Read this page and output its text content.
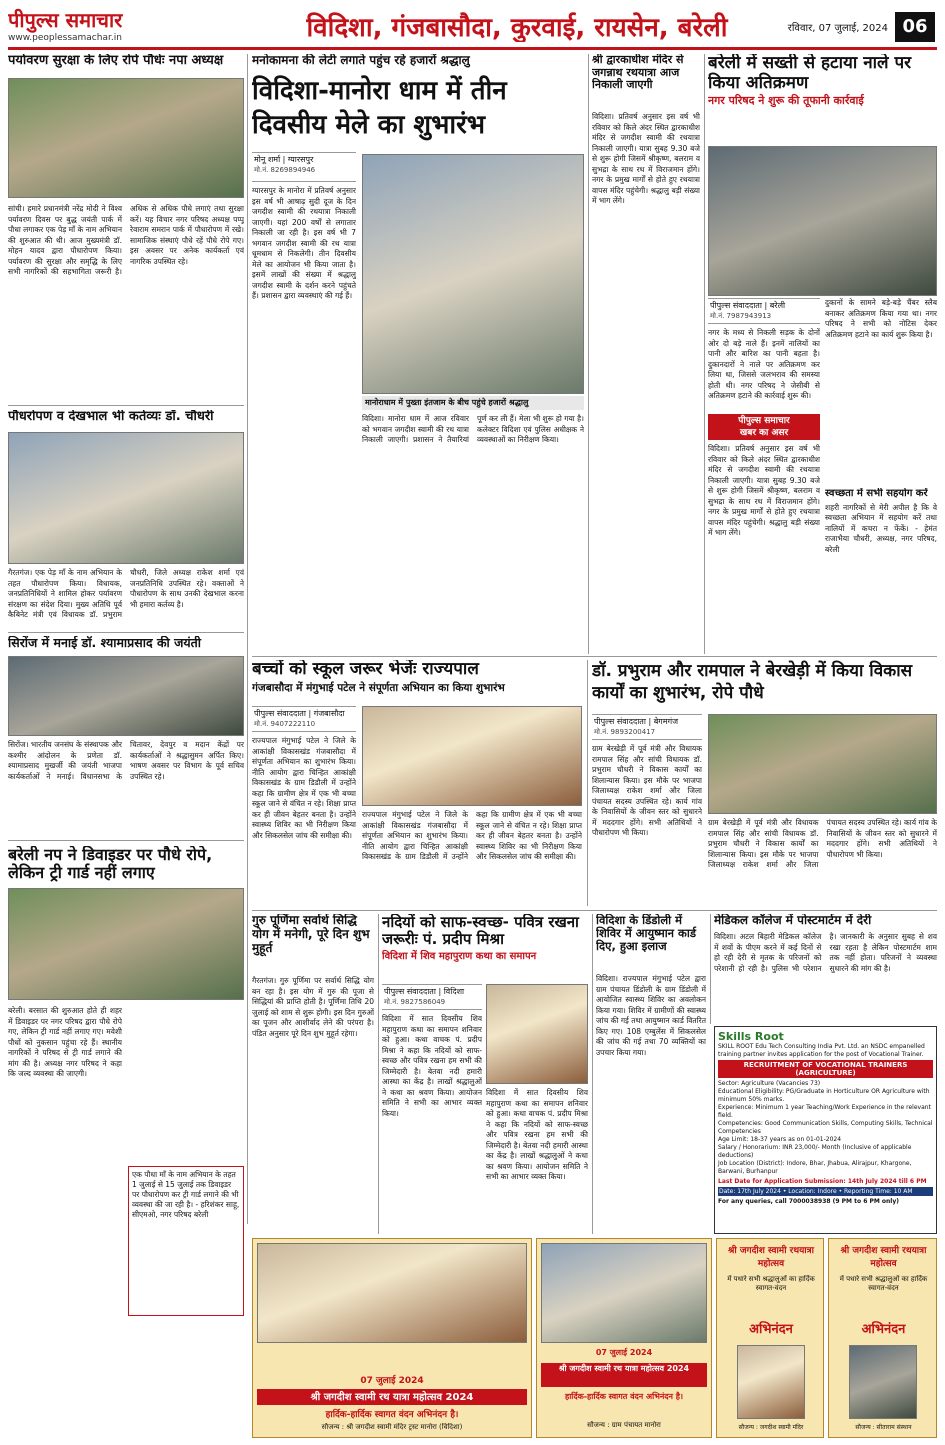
पीपुल्स समाचार
www.peoplessamachar.in	विदिशा, गंजबासौदा, कुरवाई, रायसेन, बरेली	रविवार, 07 जुलाई, 2024 06
पर्यावरण सुरक्षा के लिए रोपे पौधेः नपा अध्यक्ष
सांची। हमारे प्रधानमंत्री नरेंद्र मोदी ने विश्व पर्यावरण दिवस पर बुद्ध जयंती पार्क में पौधा लगाकर एक पेड़ माँ के नाम अभियान की शुरुआत की थी। आज मुख्यमंत्री डॉ. मोहन यादव द्वारा पौधारोपण किया। पर्यावरण की सुरक्षा और समृद्धि के लिए सभी नागरिकों की सहभागिता जरूरी है। अधिक से अधिक पौधे लगाएं तथा सुरक्षा करें। यह विचार नगर परिषद अध्यक्ष पप्पू रेवाराम समरान पार्क में पौधारोपण में रखे। सामाजिक संस्थाएं पौधे रहें पौधे रोपे गए। इस अवसर पर अनेक कार्यकर्ता एवं नागरिक उपस्थित रहे।
पौधरोपण व देखभाल भी कर्तव्यः डॉ. चौधरी
गैरतगंज। एक पेड़ माँ के नाम अभियान के तहत पौधारोपण किया। विधायक, जनप्रतिनिधियों ने शामिल होकर पर्यावरण संरक्षण का संदेश दिया। मुख्य अतिथि पूर्व कैबिनेट मंत्री एवं विधायक डॉ. प्रभुराम चौधरी, जिले अध्यक्ष राकेश शर्मा एवं जनप्रतिनिधि उपस्थित रहे। वक्ताओं ने पौधारोपण के साथ उनकी देखभाल करना भी हमारा कर्तव्य है।
सिरोंज में मनाई डॉ. श्यामाप्रसाद की जयंती
सिरोंज। भारतीय जनसंघ के संस्थापक और कश्मीर आंदोलन के प्रणेता डॉ. श्यामाप्रसाद मुखर्जी की जयंती भाजपा कार्यकर्ताओं ने मनाई। विधानसभा के चितावर, देवपुर व मदान केंद्रों पर कार्यकर्ताओं ने श्रद्धासुमन अर्पित किए। भाषण अवसर पर विभाग के पूर्व सचिव उपस्थित रहे।
बरेली नप ने डिवाइडर पर पौधे रोपे, लेकिन ट्री गार्ड नहीं लगाए
बरेली। बरसात की शुरुआत होते ही शहर में डिवाइडर पर नगर परिषद द्वारा पौधे रोपे गए, लेकिन ट्री गार्ड नहीं लगाए गए। मवेशी पौधों को नुकसान पहुंचा रहे हैं। स्थानीय नागरिकों ने परिषद से ट्री गार्ड लगाने की मांग की है। अध्यक्ष नगर परिषद ने कहा कि जल्द व्यवस्था की जाएगी।
एक पौधा माँ के नाम अभियान के तहत 1 जुलाई से 15 जुलाई तक डिवाइडर पर पौधारोपण कर ट्री गार्ड लगाने की भी व्यवस्था की जा रही है। - हरिशंकर साहू, सीएमओ, नगर परिषद बरेली
मनोकामना की लेटी लगाते पहुंच रहे हजारों श्रद्धालु
विदिशा-मानोरा धाम में तीन दिवसीय मेले का शुभारंभ
मोनू शर्मा | ग्यारसपुर
मो.नं. 8269894946
ग्यारसपुर के मानोरा में प्रतिवर्ष अनुसार इस वर्ष भी आषाढ़ सुदी दूज के दिन जगदीश स्वामी की रथयात्रा निकाली जाएगी। यहां 200 वर्षों से लगातार निकाली जा रही है। इस वर्ष भी 7 भगवान जगदीश स्वामी की रथ यात्रा धूमधाम से निकलेगी। तीन दिवसीय मेले का आयोजन भी किया जाता है। इसमें लाखों की संख्या में श्रद्धालु जगदीश स्वामी के दर्शन करने पहुंचते हैं। प्रशासन द्वारा व्यवस्थाएं की गई हैं।
मानोराधाम में पुख्ता इंतजाम के बीच पहुंचे हजारों श्रद्धालु
विदिशा। मानोरा धाम में आज रविवार को भगवान जगदीश स्वामी की रथ यात्रा निकाली जाएगी। प्रशासन ने तैयारियां पूर्ण कर ली हैं। मेला भी शुरू हो गया है। कलेक्टर विदिशा एवं पुलिस अधीक्षक ने व्यवस्थाओं का निरीक्षण किया।
श्री द्वारकाधीश मंदिर से जगन्नाथ रथयात्रा आज निकाली जाएगी
विदिशा। प्रतिवर्ष अनुसार इस वर्ष भी रविवार को किले अंदर स्थित द्वारकाधीश मंदिर से जगदीश स्वामी की रथयात्रा निकाली जाएगी। यात्रा सुबह 9.30 बजे से शुरू होगी जिसमें श्रीकृष्ण, बलराम व सुभद्रा के साथ रथ में विराजमान होंगे। नगर के प्रमुख मार्गों से होते हुए रथयात्रा वापस मंदिर पहुंचेगी। श्रद्धालु बड़ी संख्या में भाग लेंगे।
बरेली में सख्ती से हटाया नाले पर किया अतिक्रमण
नगर परिषद ने शुरू की तूफानी कार्रवाई
पीपुल्स संवाददाता | बरेली
मो.नं. 7987943913
नगर के मध्य से निकली सड़क के दोनों ओर दो बड़े नाले हैं। इनमें नालियों का पानी और बारिश का पानी बहता है। दुकानदारों ने नाले पर अतिक्रमण कर लिया था, जिससे जलभराव की समस्या होती थी। नगर परिषद ने जेसीबी से अतिक्रमण हटाने की कार्रवाई शुरू की।
पीपुल्स समाचार
खबर का असर
विदिशा। प्रतिवर्ष अनुसार इस वर्ष भी रविवार को किले अंदर स्थित द्वारकाधीश मंदिर से जगदीश स्वामी की रथयात्रा निकाली जाएगी। यात्रा सुबह 9.30 बजे से शुरू होगी जिसमें श्रीकृष्ण, बलराम व सुभद्रा के साथ रथ में विराजमान होंगे। नगर के प्रमुख मार्गों से होते हुए रथयात्रा वापस मंदिर पहुंचेगी। श्रद्धालु बड़ी संख्या में भाग लेंगे।
दुकानों के सामने बड़े-बड़े चैंबर स्लैब बनाकर अतिक्रमण किया गया था। नगर परिषद ने सभी को नोटिस देकर अतिक्रमण हटाने का कार्य शुरू किया है।
स्वच्छता में सभी सहयोग करें
शहरी नागरिकों से मेरी अपील है कि वे स्वच्छता अभियान में सहयोग करें तथा नालियों में कचरा न फेंकें। - हेमंत राजाभैया चौधरी, अध्यक्ष, नगर परिषद, बरेली
बच्चों को स्कूल जरूर भेजेंः राज्यपाल
गंजबासौदा में मंगुभाई पटेल ने संपूर्णता अभियान का किया शुभारंभ
पीपुल्स संवाददाता | गंजबासौदा
मो.नं. 9407222110
राज्यपाल मंगुभाई पटेल ने जिले के आकांक्षी विकासखंड गंजबासौदा में संपूर्णता अभियान का शुभारंभ किया। नीति आयोग द्वारा चिन्हित आकांक्षी विकासखंड के ग्राम डिडौली में उन्होंने कहा कि ग्रामीण क्षेत्र में एक भी बच्चा स्कूल जाने से वंचित न रहे। शिक्षा प्राप्त कर ही जीवन बेहतर बनता है। उन्होंने स्वास्थ्य शिविर का भी निरीक्षण किया और सिकलसेल जांच की समीक्षा की।
राज्यपाल मंगुभाई पटेल ने जिले के आकांक्षी विकासखंड गंजबासौदा में संपूर्णता अभियान का शुभारंभ किया। नीति आयोग द्वारा चिन्हित आकांक्षी विकासखंड के ग्राम डिडौली में उन्होंने कहा कि ग्रामीण क्षेत्र में एक भी बच्चा स्कूल जाने से वंचित न रहे। शिक्षा प्राप्त कर ही जीवन बेहतर बनता है। उन्होंने स्वास्थ्य शिविर का भी निरीक्षण किया और सिकलसेल जांच की समीक्षा की।
डॉ. प्रभुराम और रामपाल ने बेरखेड़ी में किया विकास कार्यों का शुभारंभ, रोपे पौधे
पीपुल्स संवाददाता | बेगमगंज
मो.नं. 9893200417
ग्राम बेरखेड़ी में पूर्व मंत्री और विधायक रामपाल सिंह और सांची विधायक डॉ. प्रभुराम चौधरी ने विकास कार्यों का शिलान्यास किया। इस मौके पर भाजपा जिलाध्यक्ष राकेश शर्मा और जिला पंचायत सदस्य उपस्थित रहे। कार्य गांव के निवासियों के जीवन स्तर को सुधारने में मददगार होंगे। सभी अतिथियों ने पौधारोपण भी किया।
ग्राम बेरखेड़ी में पूर्व मंत्री और विधायक रामपाल सिंह और सांची विधायक डॉ. प्रभुराम चौधरी ने विकास कार्यों का शिलान्यास किया। इस मौके पर भाजपा जिलाध्यक्ष राकेश शर्मा और जिला पंचायत सदस्य उपस्थित रहे। कार्य गांव के निवासियों के जीवन स्तर को सुधारने में मददगार होंगे। सभी अतिथियों ने पौधारोपण भी किया।
गुरु पूर्णिमा सर्वार्थ सिद्धि योग में मनेगी, पूरे दिन शुभ मुहूर्त
गैरतगंज। गुरु पूर्णिमा पर सर्वार्थ सिद्धि योग बन रहा है। इस योग में गुरु की पूजा से सिद्धियां की प्राप्ति होती है। पूर्णिमा तिथि 20 जुलाई को शाम से शुरू होगी। इस दिन गुरुओं का पूजन और आशीर्वाद लेने की परंपरा है। पंडित अनुसार पूरे दिन शुभ मुहूर्त रहेगा।
नदियों को साफ-स्वच्छ- पवित्र रखना जरूरीः पं. प्रदीप मिश्रा
विदिशा में शिव महापुराण कथा का समापन
पीपुल्स संवाददाता | विदिशा
मो.नं. 9827586049
विदिशा में सात दिवसीय शिव महापुराण कथा का समापन शनिवार को हुआ। कथा वाचक पं. प्रदीप मिश्रा ने कहा कि नदियों को साफ-स्वच्छ और पवित्र रखना हम सभी की जिम्मेदारी है। बेतवा नदी हमारी आस्था का केंद्र है। लाखों श्रद्धालुओं ने कथा का श्रवण किया। आयोजन समिति ने सभी का आभार व्यक्त किया।
विदिशा में सात दिवसीय शिव महापुराण कथा का समापन शनिवार को हुआ। कथा वाचक पं. प्रदीप मिश्रा ने कहा कि नदियों को साफ-स्वच्छ और पवित्र रखना हम सभी की जिम्मेदारी है। बेतवा नदी हमारी आस्था का केंद्र है। लाखों श्रद्धालुओं ने कथा का श्रवण किया। आयोजन समिति ने सभी का आभार व्यक्त किया।
विदिशा के डिंडोली में शिविर में आयुष्मान कार्ड दिए, हुआ इलाज
विदिशा। राज्यपाल मंगुभाई पटेल द्वारा ग्राम पंचायत डिंडोली के ग्राम डिंडोली में आयोजित स्वास्थ्य शिविर का अवलोकन किया गया। शिविर में ग्रामीणों की स्वास्थ्य जांच की गई तथा आयुष्मान कार्ड वितरित किए गए। 108 एम्बुलेंस में सिकलसेल की जांच की गई तथा 70 व्यक्तियों का उपचार किया गया।
मेडिकल कॉलेज में पोस्टमार्टम में देरी
विदिशा। अटल बिहारी मेडिकल कॉलेज में शवों के पीएम करने में कई दिनों से हो रही देरी से मृतक के परिजनों को परेशानी हो रही है। पुलिस भी परेशान है। जानकारी के अनुसार सुबह से शव रखा रहता है लेकिन पोस्टमार्टम शाम तक नहीं होता। परिजनों ने व्यवस्था सुधारने की मांग की है।
Skills Root
SKILL ROOT Edu Tech Consulting India Pvt. Ltd. an NSDC empanelled training partner invites application for the post of Vocational Trainer.
RECRUITMENT OF VOCATIONAL TRAINERS (AGRICULTURE)
Sector: Agriculture (Vacancies 73)
Educational Eligibility: PG/Graduate in Horticulture OR Agriculture with minimum 50% marks.
Experience: Minimum 1 year Teaching/Work Experience in the relevant field.
Competencies: Good Communication Skills, Computing Skills, Technical Competencies
Age Limit: 18-37 years as on 01-01-2024
Salary / Honorarium: INR 23,000/- Month (Inclusive of applicable deductions)
Job Location (District): Indore, Bhar, Jhabua, Alirajpur, Khargone, Barwani, Burhanpur
Last Date for Application Submission: 14th July 2024 till 6 PM
Date: 17th July 2024 • Location: Indore • Reporting Time: 10 AM
For any queries, call 7000038938 (9 PM to 6 PM only)
श्री जगदीश स्वामी रथ यात्रा महोत्सव 2024
07 जुलाई 2024
हार्दिक-हार्दिक स्वागत वंदन अभिनंदन है।
सौजन्य : श्री जगदीश स्वामी मंदिर ट्रस्ट मानोरा (विदिशा)
श्री जगदीश स्वामी रथ यात्रा महोत्सव 2024
07 जुलाई 2024
हार्दिक-हार्दिक स्वागत वंदन अभिनंदन है।
सौजन्य : ग्राम पंचायत मानोरा
श्री जगदीश स्वामी रथयात्रा महोत्सव
में पधारे सभी श्रद्धालुओं का हार्दिक स्वागत-वंदन
अभिनंदन
सौजन्य : जगदीश स्वामी मंदिर
श्री जगदीश स्वामी रथयात्रा महोत्सव
में पधारे सभी श्रद्धालुओं का हार्दिक स्वागत-वंदन
अभिनंदन
सौजन्य : सीताराम संस्थान
